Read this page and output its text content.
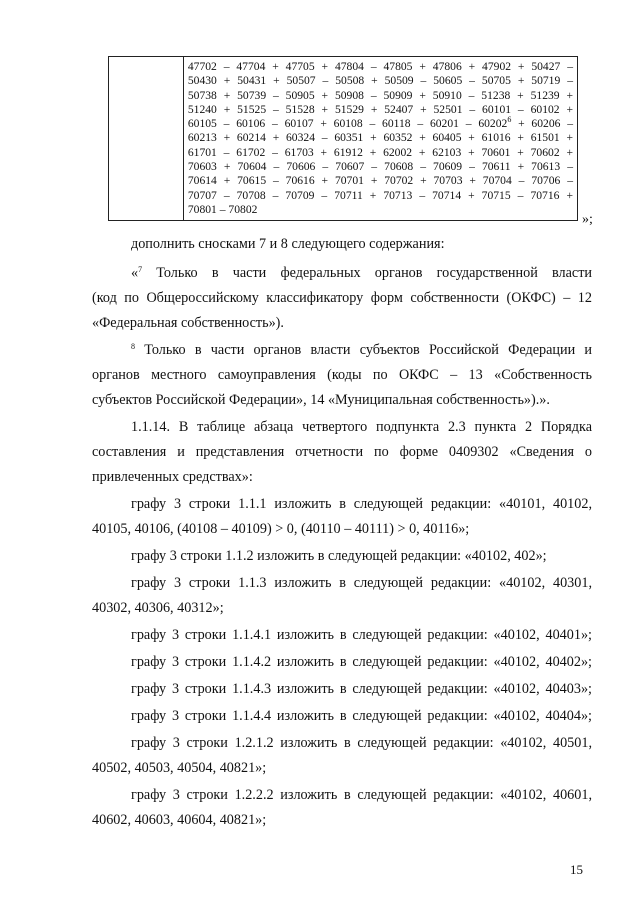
47702 – 47704 + 47705 + 47804 – 47805 + 47806 + 47902 + 50427 –
50430 + 50431 + 50507 – 50508 + 50509 – 50605 – 50705 + 50719 –
50738 + 50739 – 50905 + 50908 – 50909 + 50910 – 51238 + 51239 +
51240 + 51525 – 51528 + 51529 + 52407 + 52501 – 60101 – 60102 +
$60105 - 60106 - 60107 + 60108 - 60118 - 60201 - 60202^6 + 60206$ –
60213 + 60214 + 60324 – 60351 + 60352 + 60405 + 61016 + 61501 +
61701 – 61702 – 61703 + 61912 + 62002 + 62103 + 70601 + 70602 +
70603 + 70604 – 70606 – 70607 – 70608 – 70609 – 70611 + 70613 –
70614 + 70615 – 70616 + 70701 + 70702 + 70703 + 70704 – 70706 –
70707 – 70708 – 70709 – 70711 + 70713 – 70714 + 70715 – 70716 +
70801 – 70802
»;
дополнить сносками 7 и 8 следующего содержания:
«$^7$ Только в части федеральных органов государственной власти
(код по Общероссийскому классификатору форм собственности (ОКФС) – 12
«Федеральная собственность»).
$^8$ Только в части органов власти субъектов Российской Федерации и
органов местного самоуправления (коды по ОКФС – 13 «Собственность
субъектов Российской Федерации», 14 «Муниципальная собственность»).».
1.1.14. В таблице абзаца четвертого подпункта 2.3 пункта 2 Порядка
составления и представления отчетности по форме 0409302 «Сведения о
привлеченных средствах»:
графу 3 строки 1.1.1 изложить в следующей редакции: «40101, 40102,
40105, 40106, (40108 – 40109) > 0, (40110 – 40111) > 0, 40116»;
графу 3 строки 1.1.2 изложить в следующей редакции: «40102, 402»;
графу 3 строки 1.1.3 изложить в следующей редакции: «40102, 40301,
40302, 40306, 40312»;
графу 3 строки 1.1.4.1 изложить в следующей редакции: «40102, 40401»;
графу 3 строки 1.1.4.2 изложить в следующей редакции: «40102, 40402»;
графу 3 строки 1.1.4.3 изложить в следующей редакции: «40102, 40403»;
графу 3 строки 1.1.4.4 изложить в следующей редакции: «40102, 40404»;
графу 3 строки 1.2.1.2 изложить в следующей редакции: «40102, 40501,
40502, 40503, 40504, 40821»;
графу 3 строки 1.2.2.2 изложить в следующей редакции: «40102, 40601,
40602, 40603, 40604, 40821»;
15
